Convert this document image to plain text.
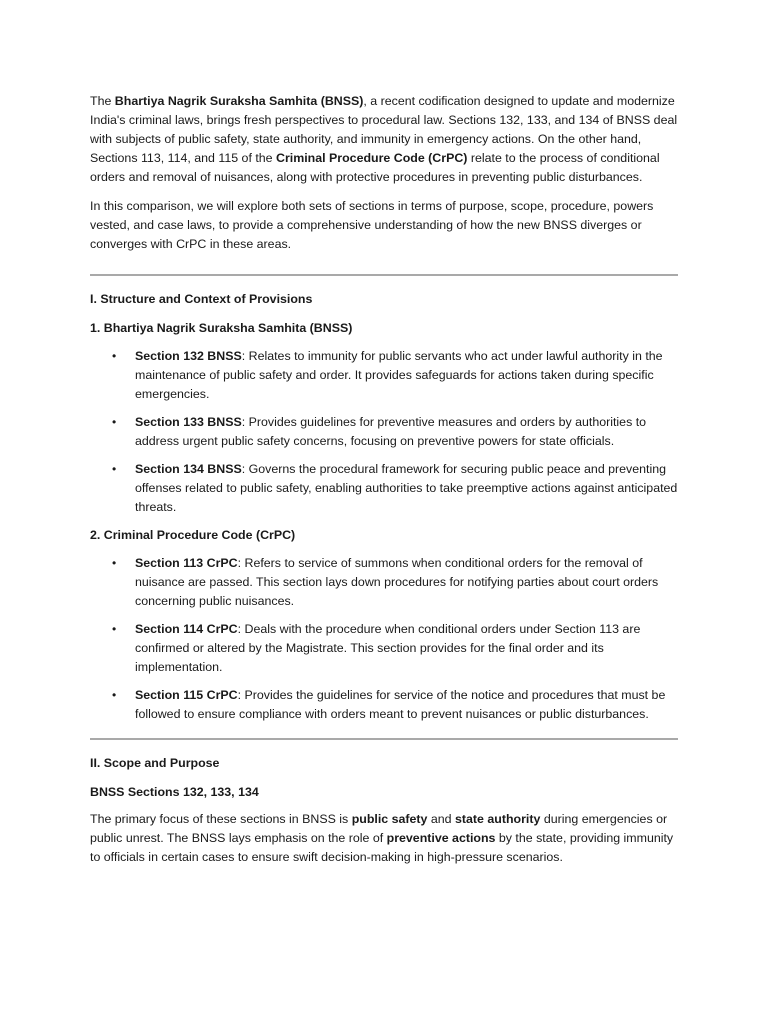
The Bhartiya Nagrik Suraksha Samhita (BNSS), a recent codification designed to update and modernize India's criminal laws, brings fresh perspectives to procedural law. Sections 132, 133, and 134 of BNSS deal with subjects of public safety, state authority, and immunity in emergency actions. On the other hand, Sections 113, 114, and 115 of the Criminal Procedure Code (CrPC) relate to the process of conditional orders and removal of nuisances, along with protective procedures in preventing public disturbances.

In this comparison, we will explore both sets of sections in terms of purpose, scope, procedure, powers vested, and case laws, to provide a comprehensive understanding of how the new BNSS diverges or converges with CrPC in these areas.

I. Structure and Context of Provisions

1. Bhartiya Nagrik Suraksha Samhita (BNSS)

• Section 132 BNSS: Relates to immunity for public servants who act under lawful authority in the maintenance of public safety and order. It provides safeguards for actions taken during specific emergencies.
• Section 133 BNSS: Provides guidelines for preventive measures and orders by authorities to address urgent public safety concerns, focusing on preventive powers for state officials.
• Section 134 BNSS: Governs the procedural framework for securing public peace and preventing offenses related to public safety, enabling authorities to take preemptive actions against anticipated threats.

2. Criminal Procedure Code (CrPC)

• Section 113 CrPC: Refers to service of summons when conditional orders for the removal of nuisance are passed. This section lays down procedures for notifying parties about court orders concerning public nuisances.
• Section 114 CrPC: Deals with the procedure when conditional orders under Section 113 are confirmed or altered by the Magistrate. This section provides for the final order and its implementation.
• Section 115 CrPC: Provides the guidelines for service of the notice and procedures that must be followed to ensure compliance with orders meant to prevent nuisances or public disturbances.

II. Scope and Purpose

BNSS Sections 132, 133, 134

The primary focus of these sections in BNSS is public safety and state authority during emergencies or public unrest. The BNSS lays emphasis on the role of preventive actions by the state, providing immunity to officials in certain cases to ensure swift decision-making in high-pressure scenarios.
